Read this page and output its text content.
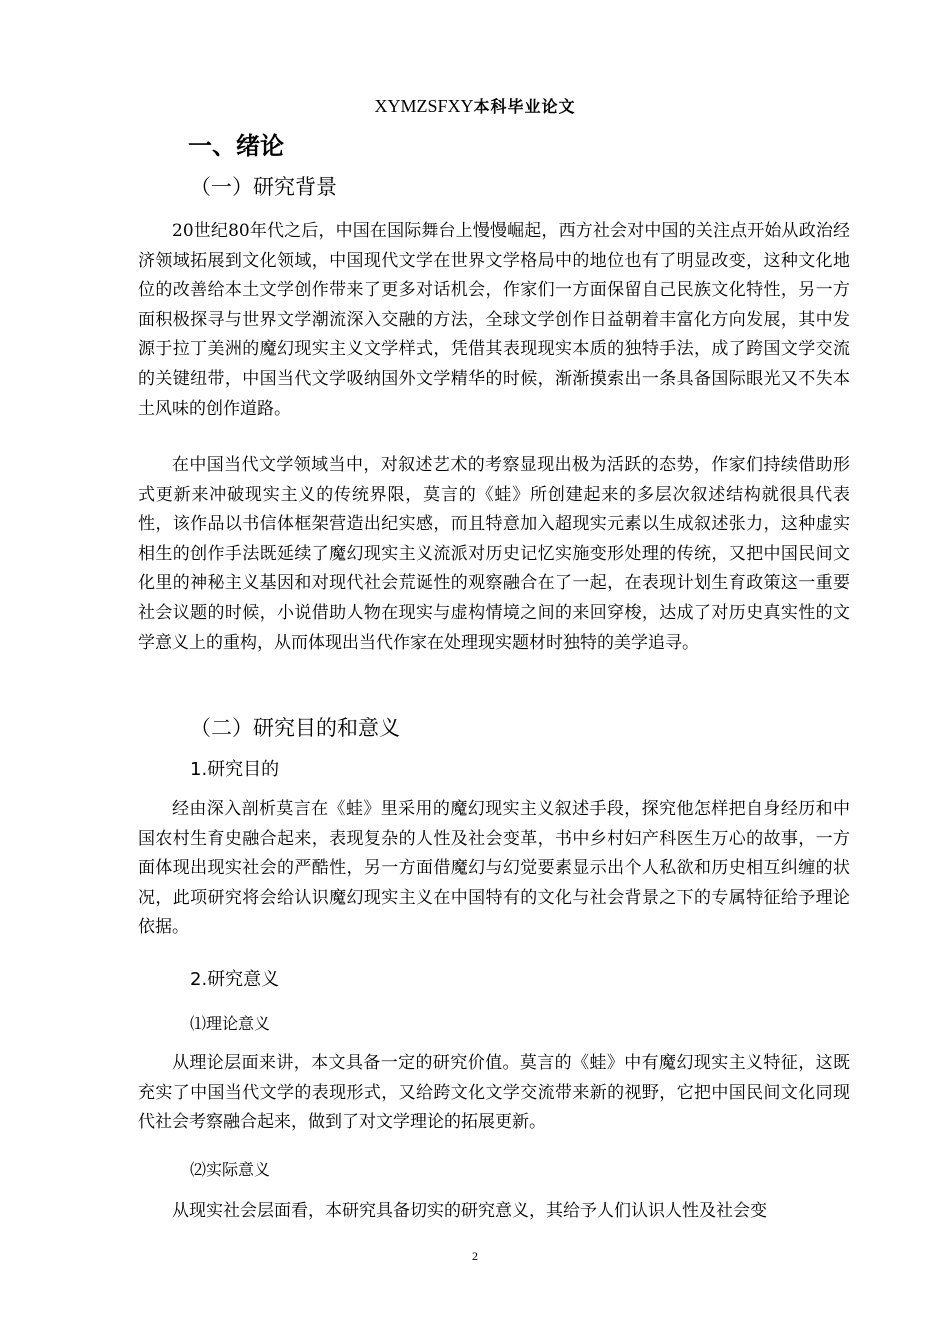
XYMZSFXY本科毕业论文
一、绪论
（一）研究背景

20世纪80年代之后，中国在国际舞台上慢慢崛起，西方社会对中国的关注点开始从政治经济领域拓展到文化领域，中国现代文学在世界文学格局中的地位也有了明显改变，这种文化地位的改善给本土文学创作带来了更多对话机会，作家们一方面保留自己民族文化特性，另一方面积极探寻与世界文学潮流深入交融的方法，全球文学创作日益朝着丰富化方向发展，其中发源于拉丁美洲的魔幻现实主义文学样式，凭借其表现现实本质的独特手法，成了跨国文学交流的关键纽带，中国当代文学吸纳国外文学精华的时候，渐渐摸索出一条具备国际眼光又不失本土风味的创作道路。

在中国当代文学领域当中，对叙述艺术的考察显现出极为活跃的态势，作家们持续借助形式更新来冲破现实主义的传统界限，莫言的《蛙》所创建起来的多层次叙述结构就很具代表性，该作品以书信体框架营造出纪实感，而且特意加入超现实元素以生成叙述张力，这种虚实相生的创作手法既延续了魔幻现实主义流派对历史记忆实施变形处理的传统，又把中国民间文化里的神秘主义基因和对现代社会荒诞性的观察融合在了一起，在表现计划生育政策这一重要社会议题的时候，小说借助人物在现实与虚构情境之间的来回穿梭，达成了对历史真实性的文学意义上的重构，从而体现出当代作家在处理现实题材时独特的美学追寻。

（二）研究目的和意义
1.研究目的

经由深入剖析莫言在《蛙》里采用的魔幻现实主义叙述手段，探究他怎样把自身经历和中国农村生育史融合起来，表现复杂的人性及社会变革，书中乡村妇产科医生万心的故事，一方面体现出现实社会的严酷性，另一方面借魔幻与幻觉要素显示出个人私欲和历史相互纠缠的状况，此项研究将会给认识魔幻现实主义在中国特有的文化与社会背景之下的专属特征给予理论依据。

2.研究意义
⑴理论意义

从理论层面来讲，本文具备一定的研究价值。莫言的《蛙》中有魔幻现实主义特征，这既充实了中国当代文学的表现形式，又给跨文化文学交流带来新的视野，它把中国民间文化同现代社会考察融合起来，做到了对文学理论的拓展更新。

⑵实际意义

从现实社会层面看，本研究具备切实的研究意义，其给予人们认识人性及社会变

2
